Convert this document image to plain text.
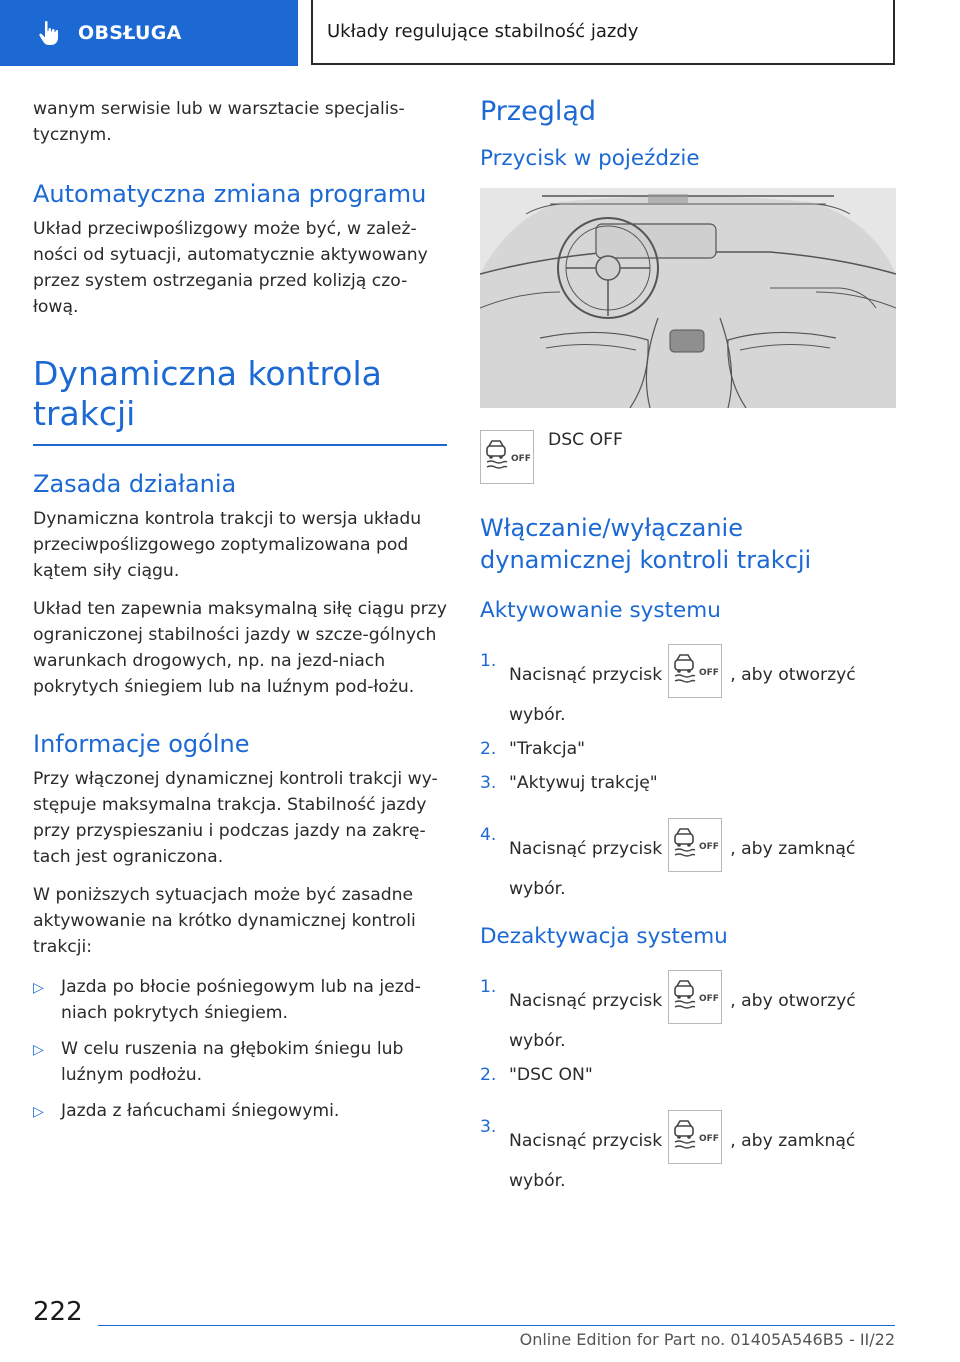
OBSŁUGA	Układy regulujące stabilność jazdy

wanym serwisie lub w warsztacie specjalis-tycznym.

Automatyczna zmiana programu

Układ przeciwpoślizgowy może być, w zależ-ności od sytuacji, automatycznie aktywowany przez system ostrzegania przed kolizją czo-łową.

Dynamiczna kontrola trakcji
Zasada działania

Dynamiczna kontrola trakcji to wersja układu przeciwpoślizgowego zoptymalizowana pod kątem siły ciągu.

Układ ten zapewnia maksymalną siłę ciągu przy ograniczonej stabilności jazdy w szcze-gólnych warunkach drogowych, np. na jezd-niach pokrytych śniegiem lub na luźnym pod-łożu.

Informacje ogólne

Przy włączonej dynamicznej kontroli trakcji wy-stępuje maksymalna trakcja. Stabilność jazdy przy przyspieszaniu i podczas jazdy na zakrę-tach jest ograniczona.

W poniższych sytuacjach może być zasadne aktywowanie na krótko dynamicznej kontroli trakcji:

▷ Jazda po błocie pośniegowym lub na jezd-niach pokrytych śniegiem.
▷ W celu ruszenia na głębokim śniegu lub luźnym podłożu.
▷ Jazda z łańcuchami śniegowymi.
Przegląd
Przycisk w pojeździe
OFF
DSC OFF
Włączanie/wyłączanie dynamicznej kontroli trakcji
Aktywowanie systemu
1.
Nacisnąć przycisk	OFF , aby otworzyć wybór.
2. "Trakcja"
3. "Aktywuj trakcję"
4.
Nacisnąć przycisk	OFF , aby zamknąć wybór.
Dezaktywacja systemu
1.
Nacisnąć przycisk	OFF , aby otworzyć wybór.
2. "DSC ON"
3.
Nacisnąć przycisk	OFF , aby zamknąć wybór.
222
Online Edition for Part no. 01405A546B5 - II/22
